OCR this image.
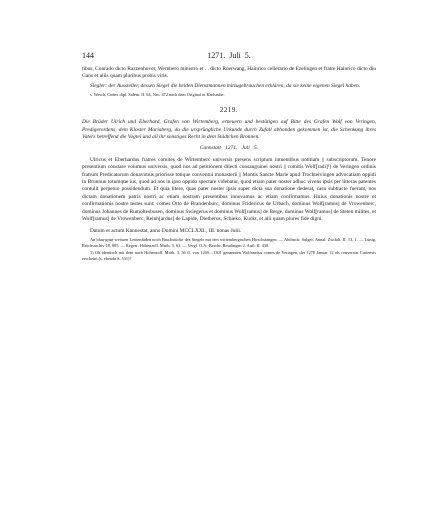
144	1271. Juli 5.
tibus, Conrado dicto Razzenhover, Wernhero ministro et . . dicto Roerwang, Hainrico cellerario de Ezelingen et fratre Hainrico dicto diu Gans et aliis quam pluribus probis viris.
Siegler: der Aussteller, dessen Siegel die beiden Dienstmannen mitzugebrauchen erklären, da sie keine eigenen Siegel haben.
s. Wesch, Codex dipl. Salem. II. 64, Nro. 472 nach dem Original in Karlsruhe.
2219.
Die Brüder Ulrich und Eberhard, Grafen von Wirtemberg, erneuern und bestätigen auf Bitte des Grafen Wolf von Veringen, Predigerordens, dem Kloster Mariaberg, da die ursprüngliche Urkunde durch Zufall abhanden gekommen ist, die Schenkung ihres Vaters betreffend die Vogtei und all ihr sonstiges Recht in dem Städtchen Bronnen.
Cannstatt 1271. Juli 5.
Ulricus et Eberhardus fratres comites de Wirtemberc universis presens scriptum intuentibus notitiam || subscriptorum. Tenore presentium constare volumus universis, quod nos ad petitionem dilecti consanguinei nostri || comitis Wolf[radi]¹) de Veringen ordinis fratrum Predicatorum donavimus priorisse totique conventui monasterii || Montis Sancte Marie apud Trochtelvingen advocatiam oppidi in Brunnun totumque ius, quod ad nos in ipso oppido spectare videbatur, quod etiam pater noster adhuc vivens ipsis per litteras patentes contulit perpetuo possidendum. Et quia litere, quas pater noster ipsis super dicta sua donatione dederat, casu subtracte fuerant, nos dictam donationem patris nostri ac etiam nostram presentibus innovamus ac etiam confirmamus. Huius donationis nostre et confirmationis nostre testes sunt: comes Otto de Brandenburc, dominus Fridericus de Urbach, dominus Wolf[ramus] de Vrowenberc, dominus Johannes de Rumoltesbusen, dominus Swiegerus et dominus Wolf[ramus] de Berge, dominus Wolf[ramus] de Steten milites, et Wolf[ramus] de Vrowenberc, Reinh[ardus] de Lapide, Dietherus, Schieko, Kudiz, et alii quam plures fide digni.
Datum et actum Kannestat, anno Domini MCCLXXI., III. nonas Julii.
An blau-grün-weissen Leinenfäden noch Bruchstücke des Siegels mit den wirtembergischen Hirschstangen. — Abdruck: Sulger, Annal. Zwifalt. II. 13, 1. — Lünig, Reichsarchiv 18, 805. — Regest: Hohenzoll. Mitth. 3, 63. — Vergl. O.A.-Beschr. Reutlingen 2. Aufl. II. 430.
1) Ob identisch mit dem nach Hohenzoll. Mitth. 3, 56 ff. von 1269—1301 genannten Wolfrandus comes de Veringen, der 1278 Januar 12 als conversus Curiensis erscheint (s. ebenda S. 531)?
